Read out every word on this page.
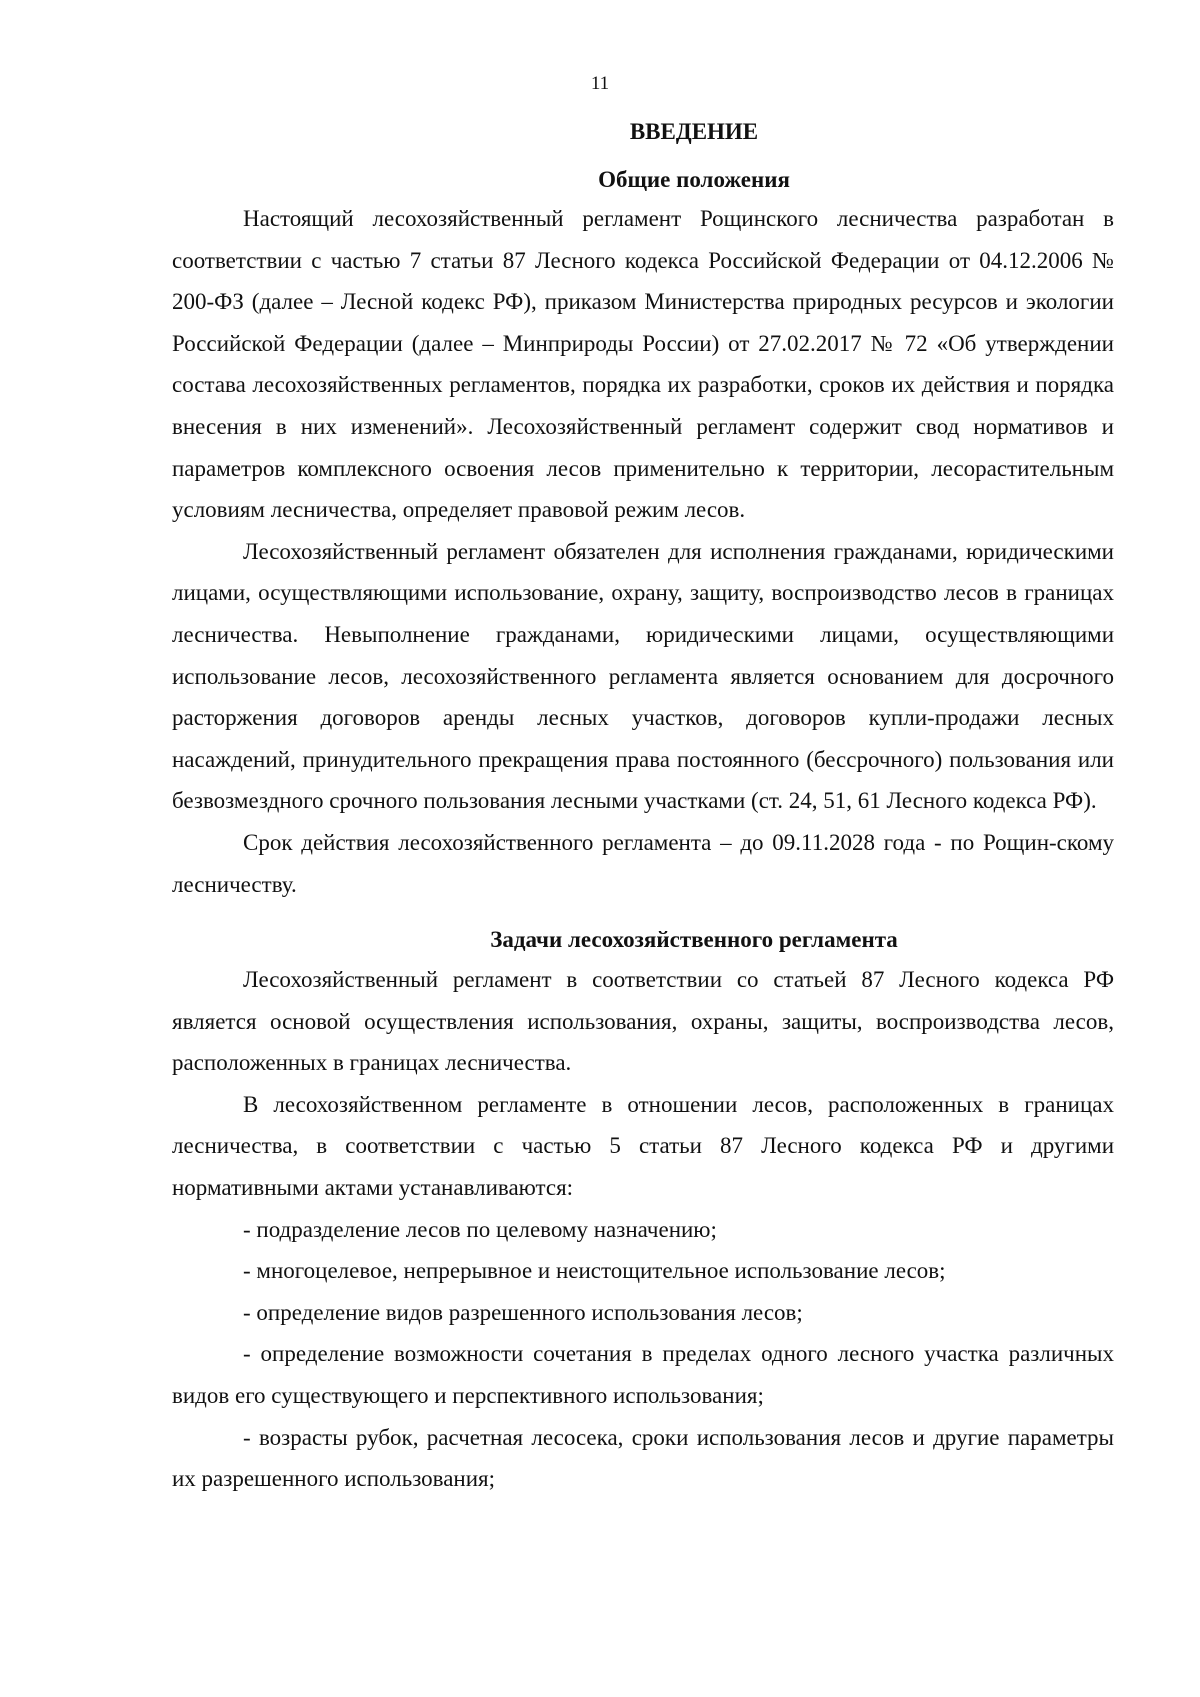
11
ВВЕДЕНИЕ
Общие положения

Настоящий лесохозяйственный регламент Рощинского лесничества разработан в соответствии с частью 7 статьи 87 Лесного кодекса Российской Федерации от 04.12.2006 № 200-ФЗ (далее – Лесной кодекс РФ), приказом Министерства природных ресурсов и экологии Российской Федерации (далее – Минприроды России) от 27.02.2017 № 72 «Об утверждении состава лесохозяйственных регламентов, порядка их разработки, сроков их действия и порядка внесения в них изменений». Лесохозяйственный регламент содержит свод нормативов и параметров комплексного освоения лесов применительно к территории, лесорастительным условиям лесничества, определяет правовой режим лесов.

Лесохозяйственный регламент обязателен для исполнения гражданами, юридическими лицами, осуществляющими использование, охрану, защиту, воспроизводство лесов в границах лесничества. Невыполнение гражданами, юридическими лицами, осуществляющими использование лесов, лесохозяйственного регламента является основанием для досрочного расторжения договоров аренды лесных участков, договоров купли-продажи лесных насаждений, принудительного прекращения права постоянного (бессрочного) пользования или безвозмездного срочного пользования лесными участками (ст. 24, 51, 61 Лесного кодекса РФ).

Срок действия лесохозяйственного регламента – до 09.11.2028 года - по Рощин-скому лесничеству.

Задачи лесохозяйственного регламента

Лесохозяйственный регламент в соответствии со статьей 87 Лесного кодекса РФ является основой осуществления использования, охраны, защиты, воспроизводства лесов, расположенных в границах лесничества.

В лесохозяйственном регламенте в отношении лесов, расположенных в границах лесничества, в соответствии с частью 5 статьи 87 Лесного кодекса РФ и другими нормативными актами устанавливаются:

- подразделение лесов по целевому назначению;

- многоцелевое, непрерывное и неистощительное использование лесов;

- определение видов разрешенного использования лесов;

- определение возможности сочетания в пределах одного лесного участка различных видов его существующего и перспективного использования;

- возрасты рубок, расчетная лесосека, сроки использования лесов и другие параметры их разрешенного использования;
